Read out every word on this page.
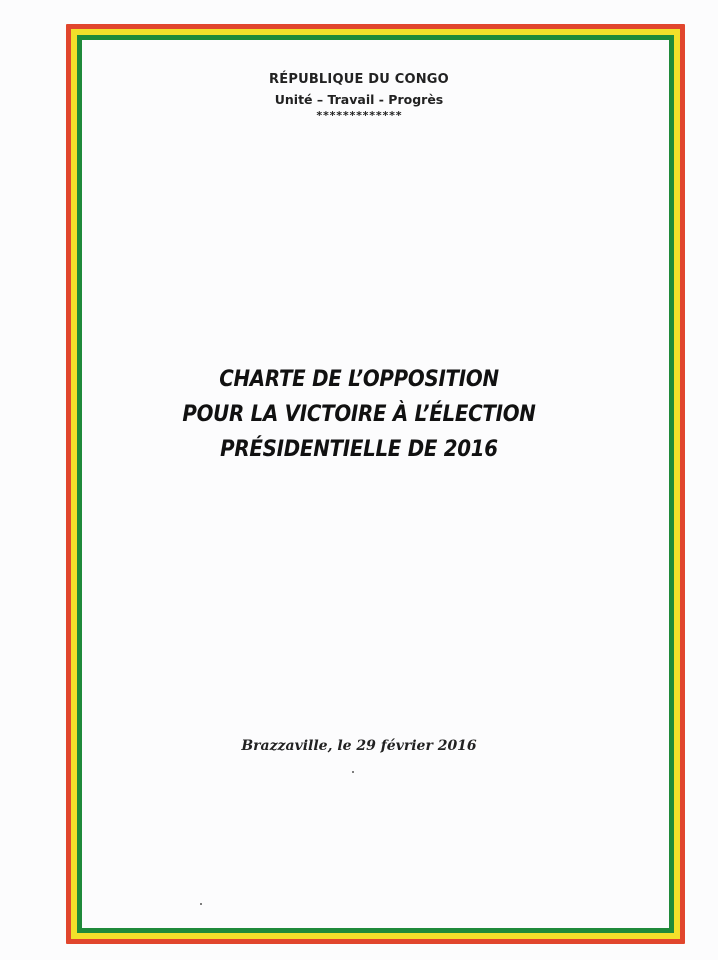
RÉPUBLIQUE DU CONGO

Unité – Travail - Progrès

*************

CHARTE DE L’OPPOSITION

POUR LA VICTOIRE À L’ÉLECTION

PRÉSIDENTIELLE DE 2016

Brazzaville, le 29 février 2016
